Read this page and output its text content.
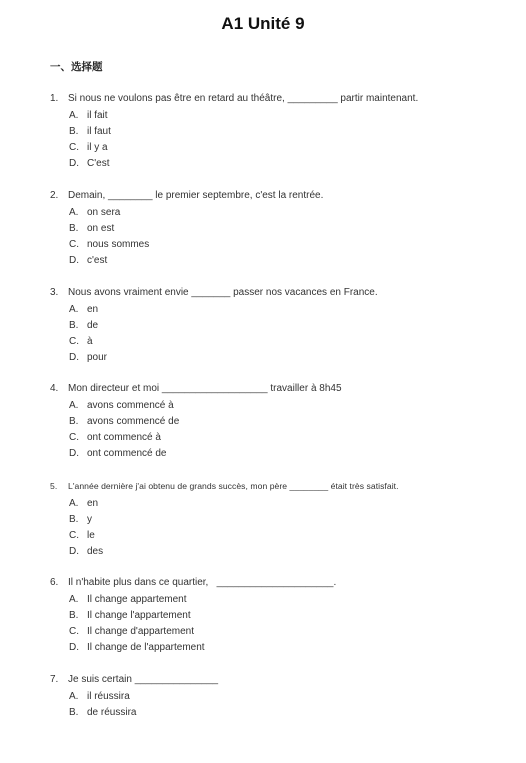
A1 Unité 9
一、选择题
1. Si nous ne voulons pas être en retard au théâtre, _________ partir maintenant.
A. il fait
B. il faut
C. il y a
D. C'est
2. Demain, ________ le premier septembre, c'est la rentrée.
A. on sera
B. on est
C. nous sommes
D. c'est
3. Nous avons vraiment envie _______ passer nos vacances en France.
A. en
B. de
C. à
D. pour
4. Mon directeur et moi ___________________ travailler à 8h45
A. avons commencé à
B. avons commencé de
C. ont commencé à
D. ont commencé de
5. L'année dernière j'ai obtenu de grands succès, mon père ________ était très satisfait.
A. en
B. y
C. le
D. des
6. Il n'habite plus dans ce quartier,   _____________________.
A. Il change appartement
B. Il change l'appartement
C. Il change d'appartement
D. Il change de l'appartement
7. Je suis certain _______________
A. il réussira
B. de réussira
